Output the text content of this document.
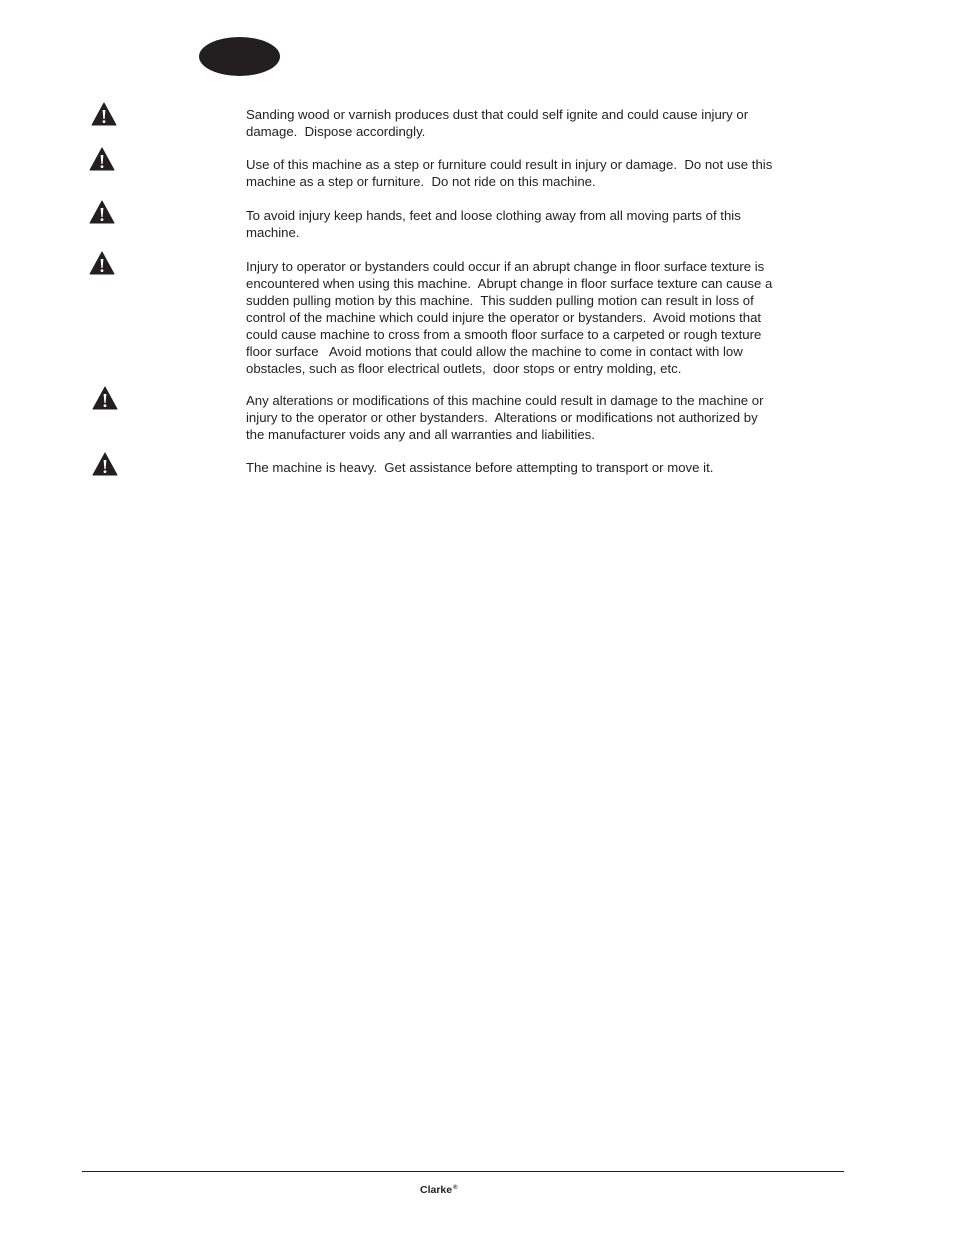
Sanding wood or varnish produces dust that could self ignite and could cause injury or
damage.  Dispose accordingly.

Use of this machine as a step or furniture could result in injury or damage.  Do not use this
machine as a step or furniture.  Do not ride on this machine.

To avoid injury keep hands, feet and loose clothing away from all moving parts of this
machine.

Injury to operator or bystanders could occur if an abrupt change in floor surface texture is
encountered when using this machine.  Abrupt change in floor surface texture can cause a
sudden pulling motion by this machine.  This sudden pulling motion can result in loss of
control of the machine which could injure the operator or bystanders.  Avoid motions that
could cause machine to cross from a smooth floor surface to a carpeted or rough texture
floor surface   Avoid motions that could allow the machine to come in contact with low
obstacles, such as floor electrical outlets,  door stops or entry molding, etc.

Any alterations or modifications of this machine could result in damage to the machine or
injury to the operator or other bystanders.  Alterations or modifications not authorized by
the manufacturer voids any and all warranties and liabilities.

The machine is heavy.  Get assistance before attempting to transport or move it.

Clarke®
